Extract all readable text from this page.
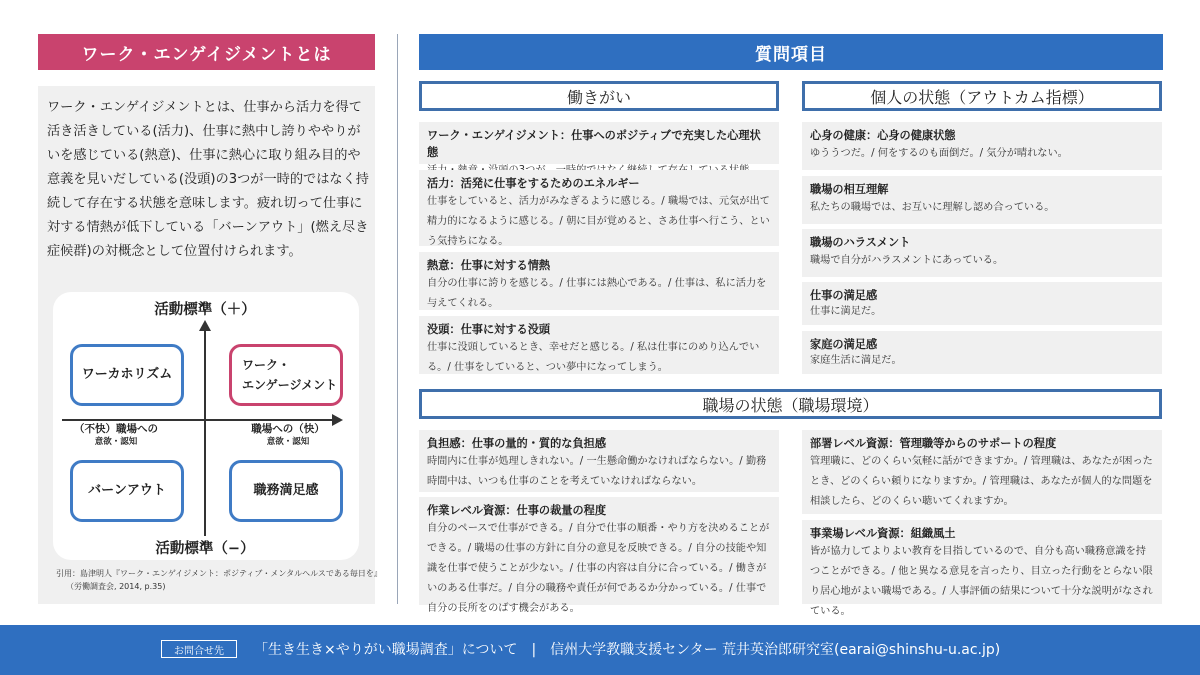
ワーク・エンゲイジメントとは
ワーク・エンゲイジメントとは、仕事から活力を得て活き活きしている(活力)、仕事に熱中し誇りややりがいを感じている(熱意)、仕事に熱心に取り組み目的や意義を見いだしている(没頭)の3つが一時的ではなく持続して存在する状態を意味します。疲れ切って仕事に対する情熱が低下している「バーンアウト」(燃え尽き症候群)の対概念として位置付けられます。
活動標準（＋）
活動標準（−）
（不快）職場への
意欲・認知
職場への（快）
意欲・認知
ワーカホリズム
ワーク・
エンゲージメント
バーンアウト	職務満足感
引用：島津明人『ワーク・エンゲイジメント：ポジティブ・メンタルヘルスである毎日を』
（労働調査会, 2014, p.35)
質問項目
働きがい	個人の状態（アウトカム指標）
職場の状態（職場環境）
ワーク・エンゲイジメント：仕事へのポジティブで充実した心理状態
活力：活発に仕事をするためのエネルギー
仕事をしていると、活力がみなぎるように感じる。/ 職場では、元気が出て精力的になるように感じる。/ 朝に目が覚めると、さあ仕事へ行こう、という気持ちになる。
熱意：仕事に対する情熱
自分の仕事に誇りを感じる。/ 仕事には熱心である。/ 仕事は、私に活力を与えてくれる。
没頭：仕事に対する没頭
仕事に没頭しているとき、幸せだと感じる。/ 私は仕事にのめり込んでいる。/ 仕事をしていると、つい夢中になってしまう。
心身の健康：心身の健康状態
ゆううつだ。/ 何をするのも面倒だ。/ 気分が晴れない。
職場の相互理解
私たちの職場では、お互いに理解し認め合っている。
職場のハラスメント
職場で自分がハラスメントにあっている。
仕事の満足感
仕事に満足だ。
家庭の満足感
家庭生活に満足だ。
負担感：仕事の量的・質的な負担感
時間内に仕事が処理しきれない。/ 一生懸命働かなければならない。/ 勤務時間中は、いつも仕事のことを考えていなければならない。
作業レベル資源：仕事の裁量の程度
自分のペースで仕事ができる。/ 自分で仕事の順番・やり方を決めることができる。/ 職場の仕事の方針に自分の意見を反映できる。/ 自分の技能や知識を仕事で使うことが少ない。/ 仕事の内容は自分に合っている。/ 働きがいのある仕事だ。/ 自分の職務や責任が何であるか分かっている。/ 仕事で自分の長所をのばす機会がある。
部署レベル資源：管理職等からのサポートの程度
管理職に、どのくらい気軽に話ができますか。/ 管理職は、あなたが困ったとき、どのくらい頼りになりますか。/ 管理職は、あなたが個人的な問題を相談したら、どのくらい聴いてくれますか。
事業場レベル資源：組織風土
皆が協力してよりよい教育を目指しているので、自分も高い職務意識を持つことができる。/ 他と異なる意見を言ったり、目立った行動をとらない限り居心地がよい職場である。/ 人事評価の結果について十分な説明がなされている。
お問合せ先	「生き生き×やりがい職場調査」について　|　信州大学教職支援センター 荒井英治郎研究室(earai@shinshu-u.ac.jp)
